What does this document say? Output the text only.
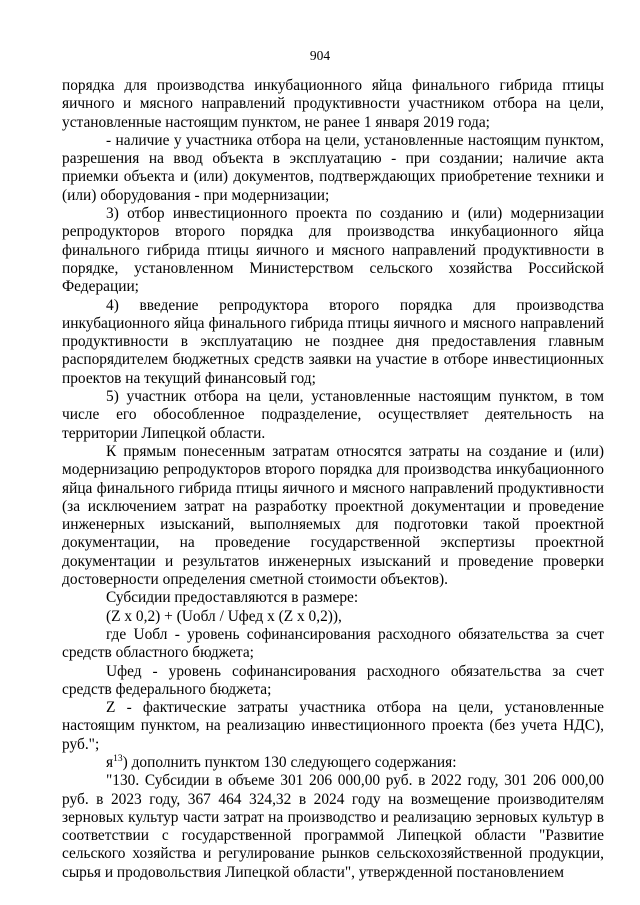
904

порядка для производства инкубационного яйца финального гибрида птицы яичного и мясного направлений продуктивности участником отбора на цели, установленные настоящим пунктом, не ранее 1 января 2019 года;

- наличие у участника отбора на цели, установленные настоящим пунктом, разрешения на ввод объекта в эксплуатацию - при создании; наличие акта приемки объекта и (или) документов, подтверждающих приобретение техники и (или) оборудования - при модернизации;

3) отбор инвестиционного проекта по созданию и (или) модернизации репродукторов второго порядка для производства инкубационного яйца финального гибрида птицы яичного и мясного направлений продуктивности в порядке, установленном Министерством сельского хозяйства Российской Федерации;

4) введение репродуктора второго порядка для производства инкубационного яйца финального гибрида птицы яичного и мясного направлений продуктивности в эксплуатацию не позднее дня предоставления главным распорядителем бюджетных средств заявки на участие в отборе инвестиционных проектов на текущий финансовый год;

5) участник отбора на цели, установленные настоящим пунктом, в том числе его обособленное подразделение, осуществляет деятельность на территории Липецкой области.

К прямым понесенным затратам относятся затраты на создание и (или) модернизацию репродукторов второго порядка для производства инкубационного яйца финального гибрида птицы яичного и мясного направлений продуктивности (за исключением затрат на разработку проектной документации и проведение инженерных изысканий, выполняемых для подготовки такой проектной документации, на проведение государственной экспертизы проектной документации и результатов инженерных изысканий и проведение проверки достоверности определения сметной стоимости объектов).

Субсидии предоставляются в размере:

(Z x 0,2) + (Uобл / Uфед x (Z x 0,2)),

где Uобл - уровень софинансирования расходного обязательства за счет средств областного бюджета;

Uфед - уровень софинансирования расходного обязательства за счет средств федерального бюджета;

Z - фактические затраты участника отбора на цели, установленные настоящим пунктом, на реализацию инвестиционного проекта (без учета НДС), руб.";

$я^{13}$) дополнить пунктом 130 следующего содержания:

"130. Субсидии в объеме 301 206 000,00 руб. в 2022 году, 301 206 000,00 руб. в 2023 году, 367 464 324,32 в 2024 году на возмещение производителям зерновых культур части затрат на производство и реализацию зерновых культур в соответствии с государственной программой Липецкой области "Развитие сельского хозяйства и регулирование рынков сельскохозяйственной продукции, сырья и продовольствия Липецкой области", утвержденной постановлением
